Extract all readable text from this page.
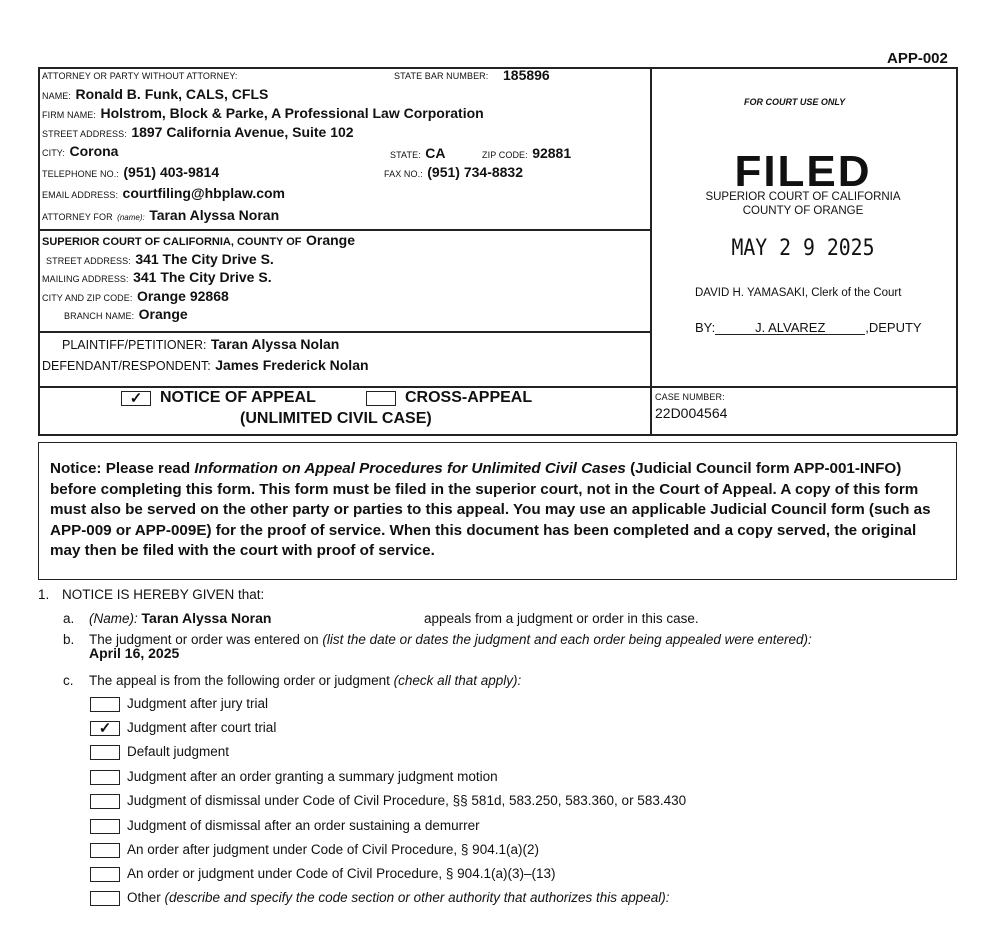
APP-002
ATTORNEY OR PARTY WITHOUT ATTORNEY:	STATE BAR NUMBER: 185896
NAME: Ronald B. Funk, CALS, CFLS
FIRM NAME: Holstrom, Block & Parke, A Professional Law Corporation
STREET ADDRESS: 1897 California Avenue, Suite 102
CITY: Corona	STATE: CA	ZIP CODE: 92881
TELEPHONE NO.: (951) 403-9814	FAX NO.: (951) 734-8832
EMAIL ADDRESS: courtfiling@hbplaw.com
ATTORNEY FOR (name): Taran Alyssa Noran
SUPERIOR COURT OF CALIFORNIA, COUNTY OF Orange
STREET ADDRESS: 341 The City Drive S.
MAILING ADDRESS: 341 The City Drive S.
CITY AND ZIP CODE: Orange 92868
BRANCH NAME: Orange
PLAINTIFF/PETITIONER: Taran Alyssa Nolan
DEFENDANT/RESPONDENT: James Frederick Nolan
✓	NOTICE OF APPEAL	CROSS-APPEAL
(UNLIMITED CIVIL CASE)
FOR COURT USE ONLY
FILED
SUPERIOR COURT OF CALIFORNIA
COUNTY OF ORANGE
MAY 2 9 2025
DAVID H. YAMASAKI, Clerk of the Court
BY:	J. ALVAREZ	,DEPUTY
CASE NUMBER:
22D004564
Notice: Please read Information on Appeal Procedures for Unlimited Civil Cases (Judicial Council form APP-001-INFO) before completing this form. This form must be filed in the superior court, not in the Court of Appeal. A copy of this form must also be served on the other party or parties to this appeal. You may use an applicable Judicial Council form (such as APP-009 or APP-009E) for the proof of service. When this document has been completed and a copy served, the original may then be filed with the court with proof of service.
1. NOTICE IS HEREBY GIVEN that:
a. (Name): Taran Alyssa Noran	appeals from a judgment or order in this case.
b. The judgment or order was entered on (list the date or dates the judgment and each order being appealed were entered):
April 16, 2025
c. The appeal is from the following order or judgment (check all that apply):
Judgment after jury trial
✓	Judgment after court trial
Default judgment
Judgment after an order granting a summary judgment motion
Judgment of dismissal under Code of Civil Procedure, §§ 581d, 583.250, 583.360, or 583.430
Judgment of dismissal after an order sustaining a demurrer
An order after judgment under Code of Civil Procedure, § 904.1(a)(2)
An order or judgment under Code of Civil Procedure, § 904.1(a)(3)–(13)
Other (describe and specify the code section or other authority that authorizes this appeal):
